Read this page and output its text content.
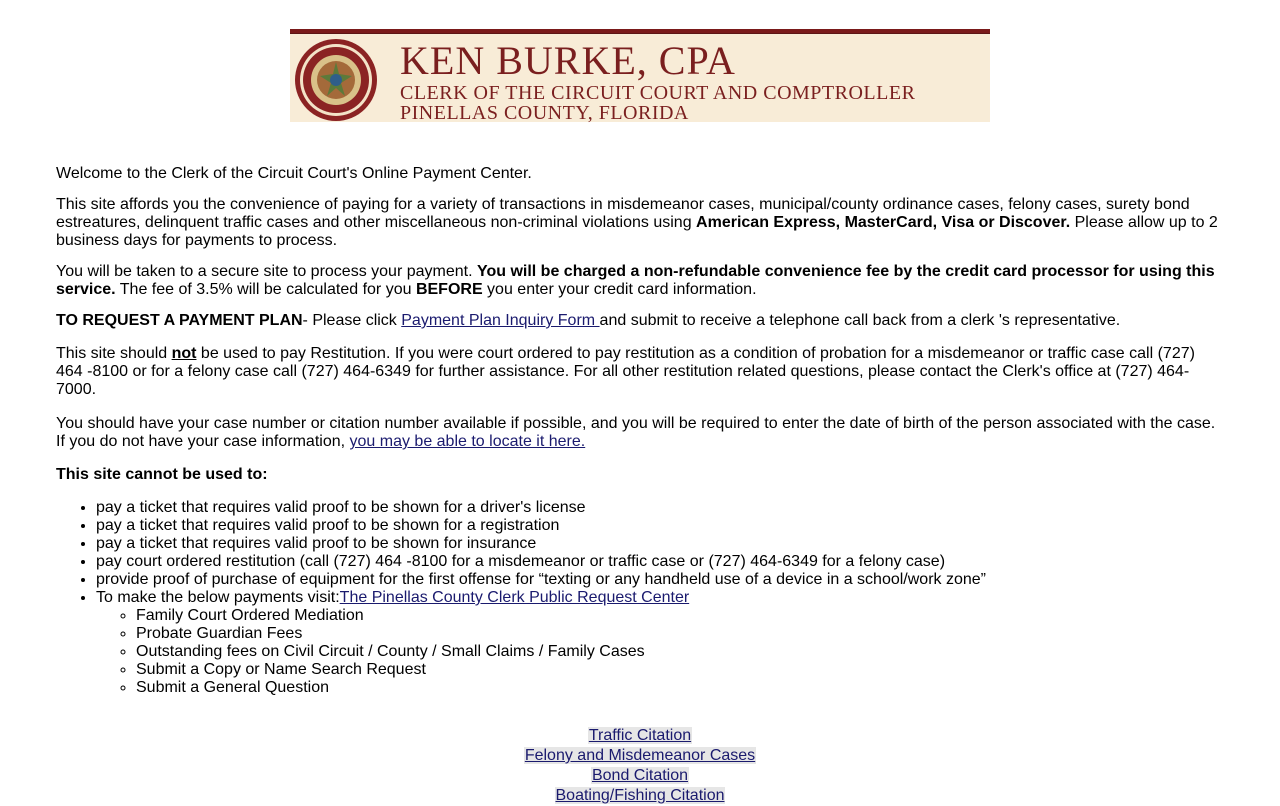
KEN BURKE, CPA
CLERK OF THE CIRCUIT COURT AND COMPTROLLER
PINELLAS COUNTY, FLORIDA

Welcome to the Clerk of the Circuit Court's Online Payment Center.

This site affords you the convenience of paying for a variety of transactions in misdemeanor cases, municipal/county ordinance cases, felony cases, surety bond estreatures, delinquent traffic cases and other miscellaneous non-criminal violations using American Express, MasterCard, Visa or Discover. Please allow up to 2 business days for payments to process.

You will be taken to a secure site to process your payment. You will be charged a non-refundable convenience fee by the credit card processor for using this service. The fee of 3.5% will be calculated for you BEFORE you enter your credit card information.

TO REQUEST A PAYMENT PLAN- Please click Payment Plan Inquiry Form and submit to receive a telephone call back from a clerk 's representative.

This site should not be used to pay Restitution. If you were court ordered to pay restitution as a condition of probation for a misdemeanor or traffic case call (727) 464 -8100 or for a felony case call (727) 464-6349 for further assistance. For all other restitution related questions, please contact the Clerk's office at (727) 464-7000.

You should have your case number or citation number available if possible, and you will be required to enter the date of birth of the person associated with the case. If you do not have your case information, you may be able to locate it here.

This site cannot be used to:

• pay a ticket that requires valid proof to be shown for a driver's license
• pay a ticket that requires valid proof to be shown for a registration
• pay a ticket that requires valid proof to be shown for insurance
• pay court ordered restitution (call (727) 464 -8100 for a misdemeanor or traffic case or (727) 464-6349 for a felony case)
• provide proof of purchase of equipment for the first offense for “texting or any handheld use of a device in a school/work zone”
• To make the below payments visit:The Pinellas County Clerk Public Request Center
◦ Family Court Ordered Mediation
◦ Probate Guardian Fees
◦ Outstanding fees on Civil Circuit / County / Small Claims / Family Cases
◦ Submit a Copy or Name Search Request
◦ Submit a General Question
Traffic Citation
Felony and Misdemeanor Cases
Bond Citation
Boating/Fishing Citation
